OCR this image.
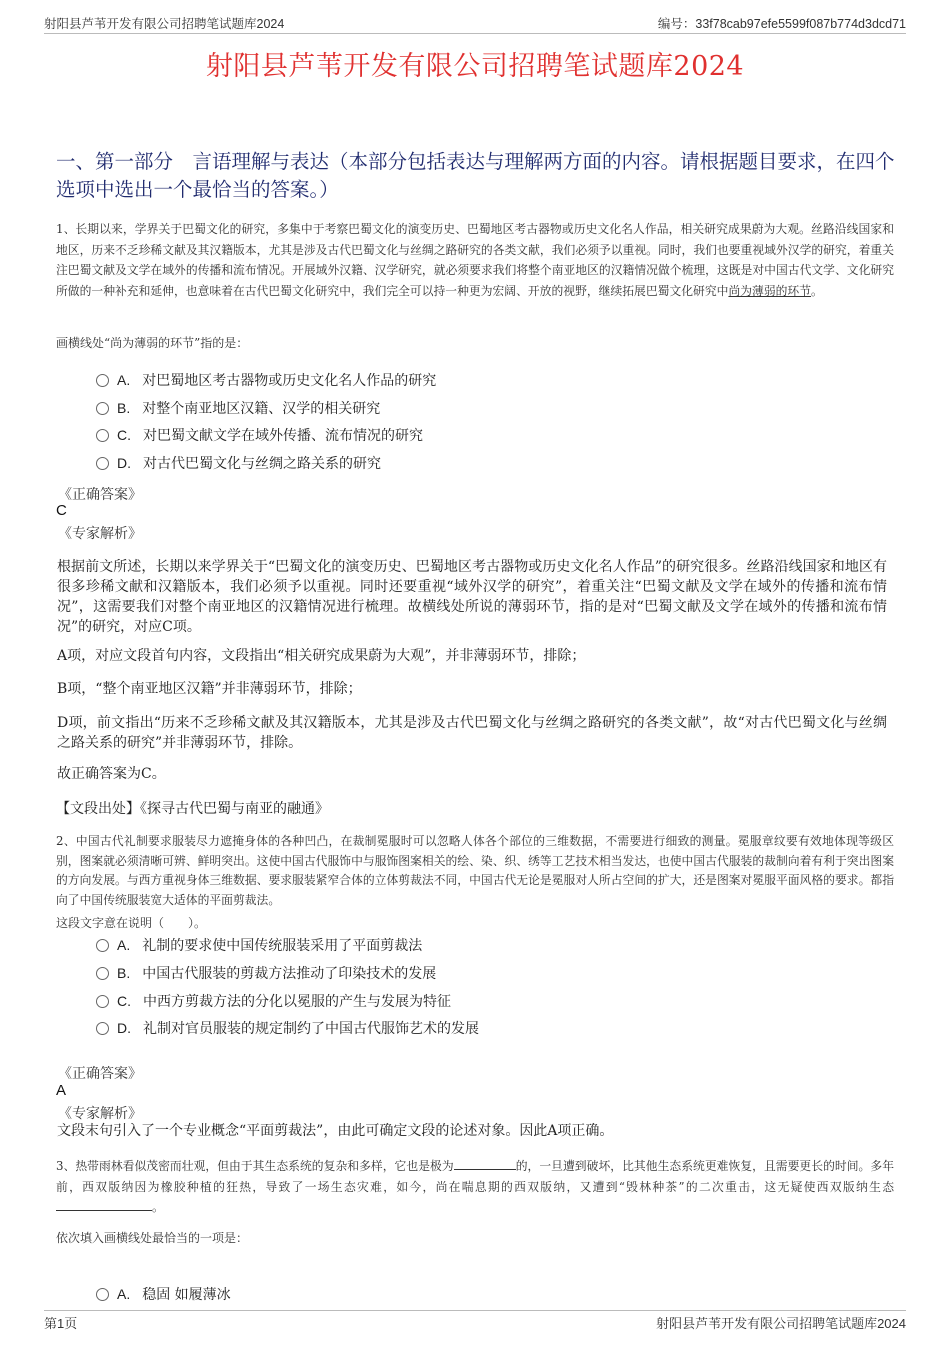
射阳县芦苇开发有限公司招聘笔试题库2024	编号：33f78cab97efe5599f087b774d3dcd71
射阳县芦苇开发有限公司招聘笔试题库2024
一、第一部分　言语理解与表达（本部分包括表达与理解两方面的内容。请根据题目要求，在四个选项中选出一个最恰当的答案。）
1、长期以来，学界关于巴蜀文化的研究，多集中于考察巴蜀文化的演变历史、巴蜀地区考古器物或历史文化名人作品，相关研究成果蔚为大观。丝路沿线国家和地区，历来不乏珍稀文献及其汉籍版本，尤其是涉及古代巴蜀文化与丝绸之路研究的各类文献，我们必须予以重视。同时，我们也要重视域外汉学的研究，着重关注巴蜀文献及文学在域外的传播和流布情况。开展域外汉籍、汉学研究，就必须要求我们将整个南亚地区的汉籍情况做个梳理，这既是对中国古代文学、文化研究所做的一种补充和延伸，也意味着在古代巴蜀文化研究中，我们完全可以持一种更为宏阔、开放的视野，继续拓展巴蜀文化研究中尚为薄弱的环节。
画横线处“尚为薄弱的环节”指的是：
A. 对巴蜀地区考古器物或历史文化名人作品的研究
B. 对整个南亚地区汉籍、汉学的相关研究
C. 对巴蜀文献文学在域外传播、流布情况的研究
D. 对古代巴蜀文化与丝绸之路关系的研究
《正确答案》
C
《专家解析》
根据前文所述，长期以来学界关于“巴蜀文化的演变历史、巴蜀地区考古器物或历史文化名人作品”的研究很多。丝路沿线国家和地区有很多珍稀文献和汉籍版本，我们必须予以重视。同时还要重视“域外汉学的研究”，着重关注“巴蜀文献及文学在域外的传播和流布情况”，这需要我们对整个南亚地区的汉籍情况进行梳理。故横线处所说的薄弱环节，指的是对“巴蜀文献及文学在域外的传播和流布情况”的研究，对应C项。
A项，对应文段首句内容，文段指出“相关研究成果蔚为大观”，并非薄弱环节，排除；
B项，“整个南亚地区汉籍”并非薄弱环节，排除；
D项，前文指出“历来不乏珍稀文献及其汉籍版本，尤其是涉及古代巴蜀文化与丝绸之路研究的各类文献”，故“对古代巴蜀文化与丝绸之路关系的研究”并非薄弱环节，排除。
故正确答案为C。
【文段出处】《探寻古代巴蜀与南亚的融通》
2、中国古代礼制要求服装尽力遮掩身体的各种凹凸，在裁制冕服时可以忽略人体各个部位的三维数据，不需要进行细致的测量。冕服章纹要有效地体现等级区别，图案就必须清晰可辨、鲜明突出。这使中国古代服饰中与服饰图案相关的绘、染、织、绣等工艺技术相当发达，也使中国古代服装的裁制向着有利于突出图案的方向发展。与西方重视身体三维数据、要求服装紧窄合体的立体剪裁法不同，中国古代无论是冕服对人所占空间的扩大，还是图案对冕服平面风格的要求。都指向了中国传统服装宽大适体的平面剪裁法。
这段文字意在说明（　　）。
A. 礼制的要求使中国传统服装采用了平面剪裁法
B. 中国古代服装的剪裁方法推动了印染技术的发展
C. 中西方剪裁方法的分化以冕服的产生与发展为特征
D. 礼制对官员服装的规定制约了中国古代服饰艺术的发展
《正确答案》
A
《专家解析》
文段末句引入了一个专业概念“平面剪裁法”，由此可确定文段的论述对象。因此A项正确。
3、热带雨林看似茂密而壮观，但由于其生态系统的复杂和多样，它也是极为	的，一旦遭到破坏，比其他生态系统更难恢复，且需要更长的时间。多年前，西双版纳因为橡胶种植的狂热，导致了一场生态灾难，如今，尚在喘息期的西双版纳，又遭到“毁林种茶”的二次重击，这无疑使西双版纳生态。
依次填入画横线处最恰当的一项是：
A. 稳固 如履薄冰
第1页	射阳县芦苇开发有限公司招聘笔试题库2024
